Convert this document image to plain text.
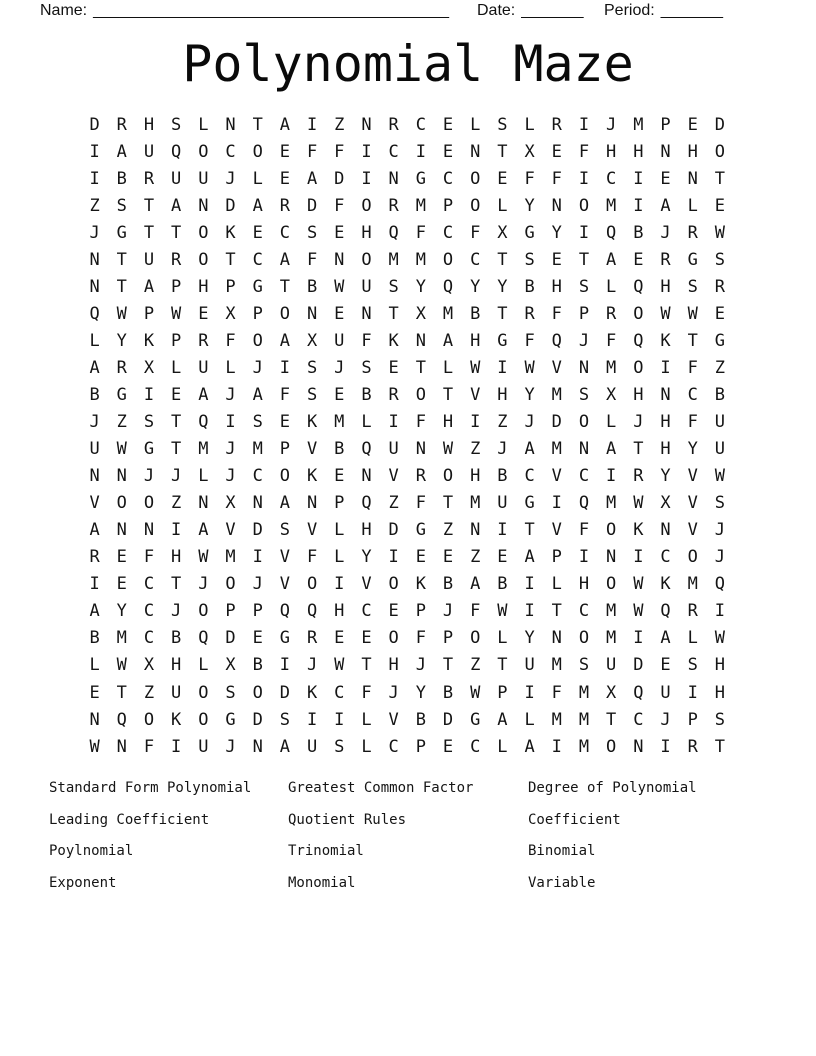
Name: ________________________________________ Date: _______ Period: _______
Polynomial Maze
D R H S L N T A I Z N R C E L S L R I J M P E D
I A U Q O C O E F F I C I E N T X E F H H N H O
I B R U U J L E A D I N G C O E F F I C I E N T
Z S T A N D A R D F O R M P O L Y N O M I A L E
J G T T O K E C S E H Q F C F X G Y I Q B J R W
N T U R O T C A F N O M M O C T S E T A E R G S
N T A P H P G T B W U S Y Q Y Y B H S L Q H S R
Q W P W E X P O N E N T X M B T R F P R O W W E
L Y K P R F O A X U F K N A H G F Q J F Q K T G
A R X L U L J I S J S E T L W I W V N M O I F Z
B G I E A J A F S E B R O T V H Y M S X H N C B
J Z S T Q I S E K M L I F H I Z J D O L J H F U
U W G T M J M P V B Q U N W Z J A M N A T H Y U
N N J J L J C O K E N V R O H B C V C I R Y V W
V O O Z N X N A N P Q Z F T M U G I Q M W X V S
A N N I A V D S V L H D G Z N I T V F O K N V J
R E F H W M I V F L Y I E E Z E A P I N I C O J
I E C T J O J V O I V O K B A B I L H O W K M Q
A Y C J O P P Q Q H C E P J F W I T C M W Q R I
B M C B Q D E G R E E O F P O L Y N O M I A L W
L W X H L X B I J W T H J T Z T U M S U D E S H
E T Z U O S O D K C F J Y B W P I F M X Q U I H
N Q O K O G D S I I L V B D G A L M M T C J P S
W N F I U J N A U S L C P E C L A I M O N I R T
Standard Form Polynomial
Leading Coefficient
Poylnomial
Exponent
Greatest Common Factor
Quotient Rules
Trinomial
Monomial
Degree of Polynomial
Coefficient
Binomial
Variable
